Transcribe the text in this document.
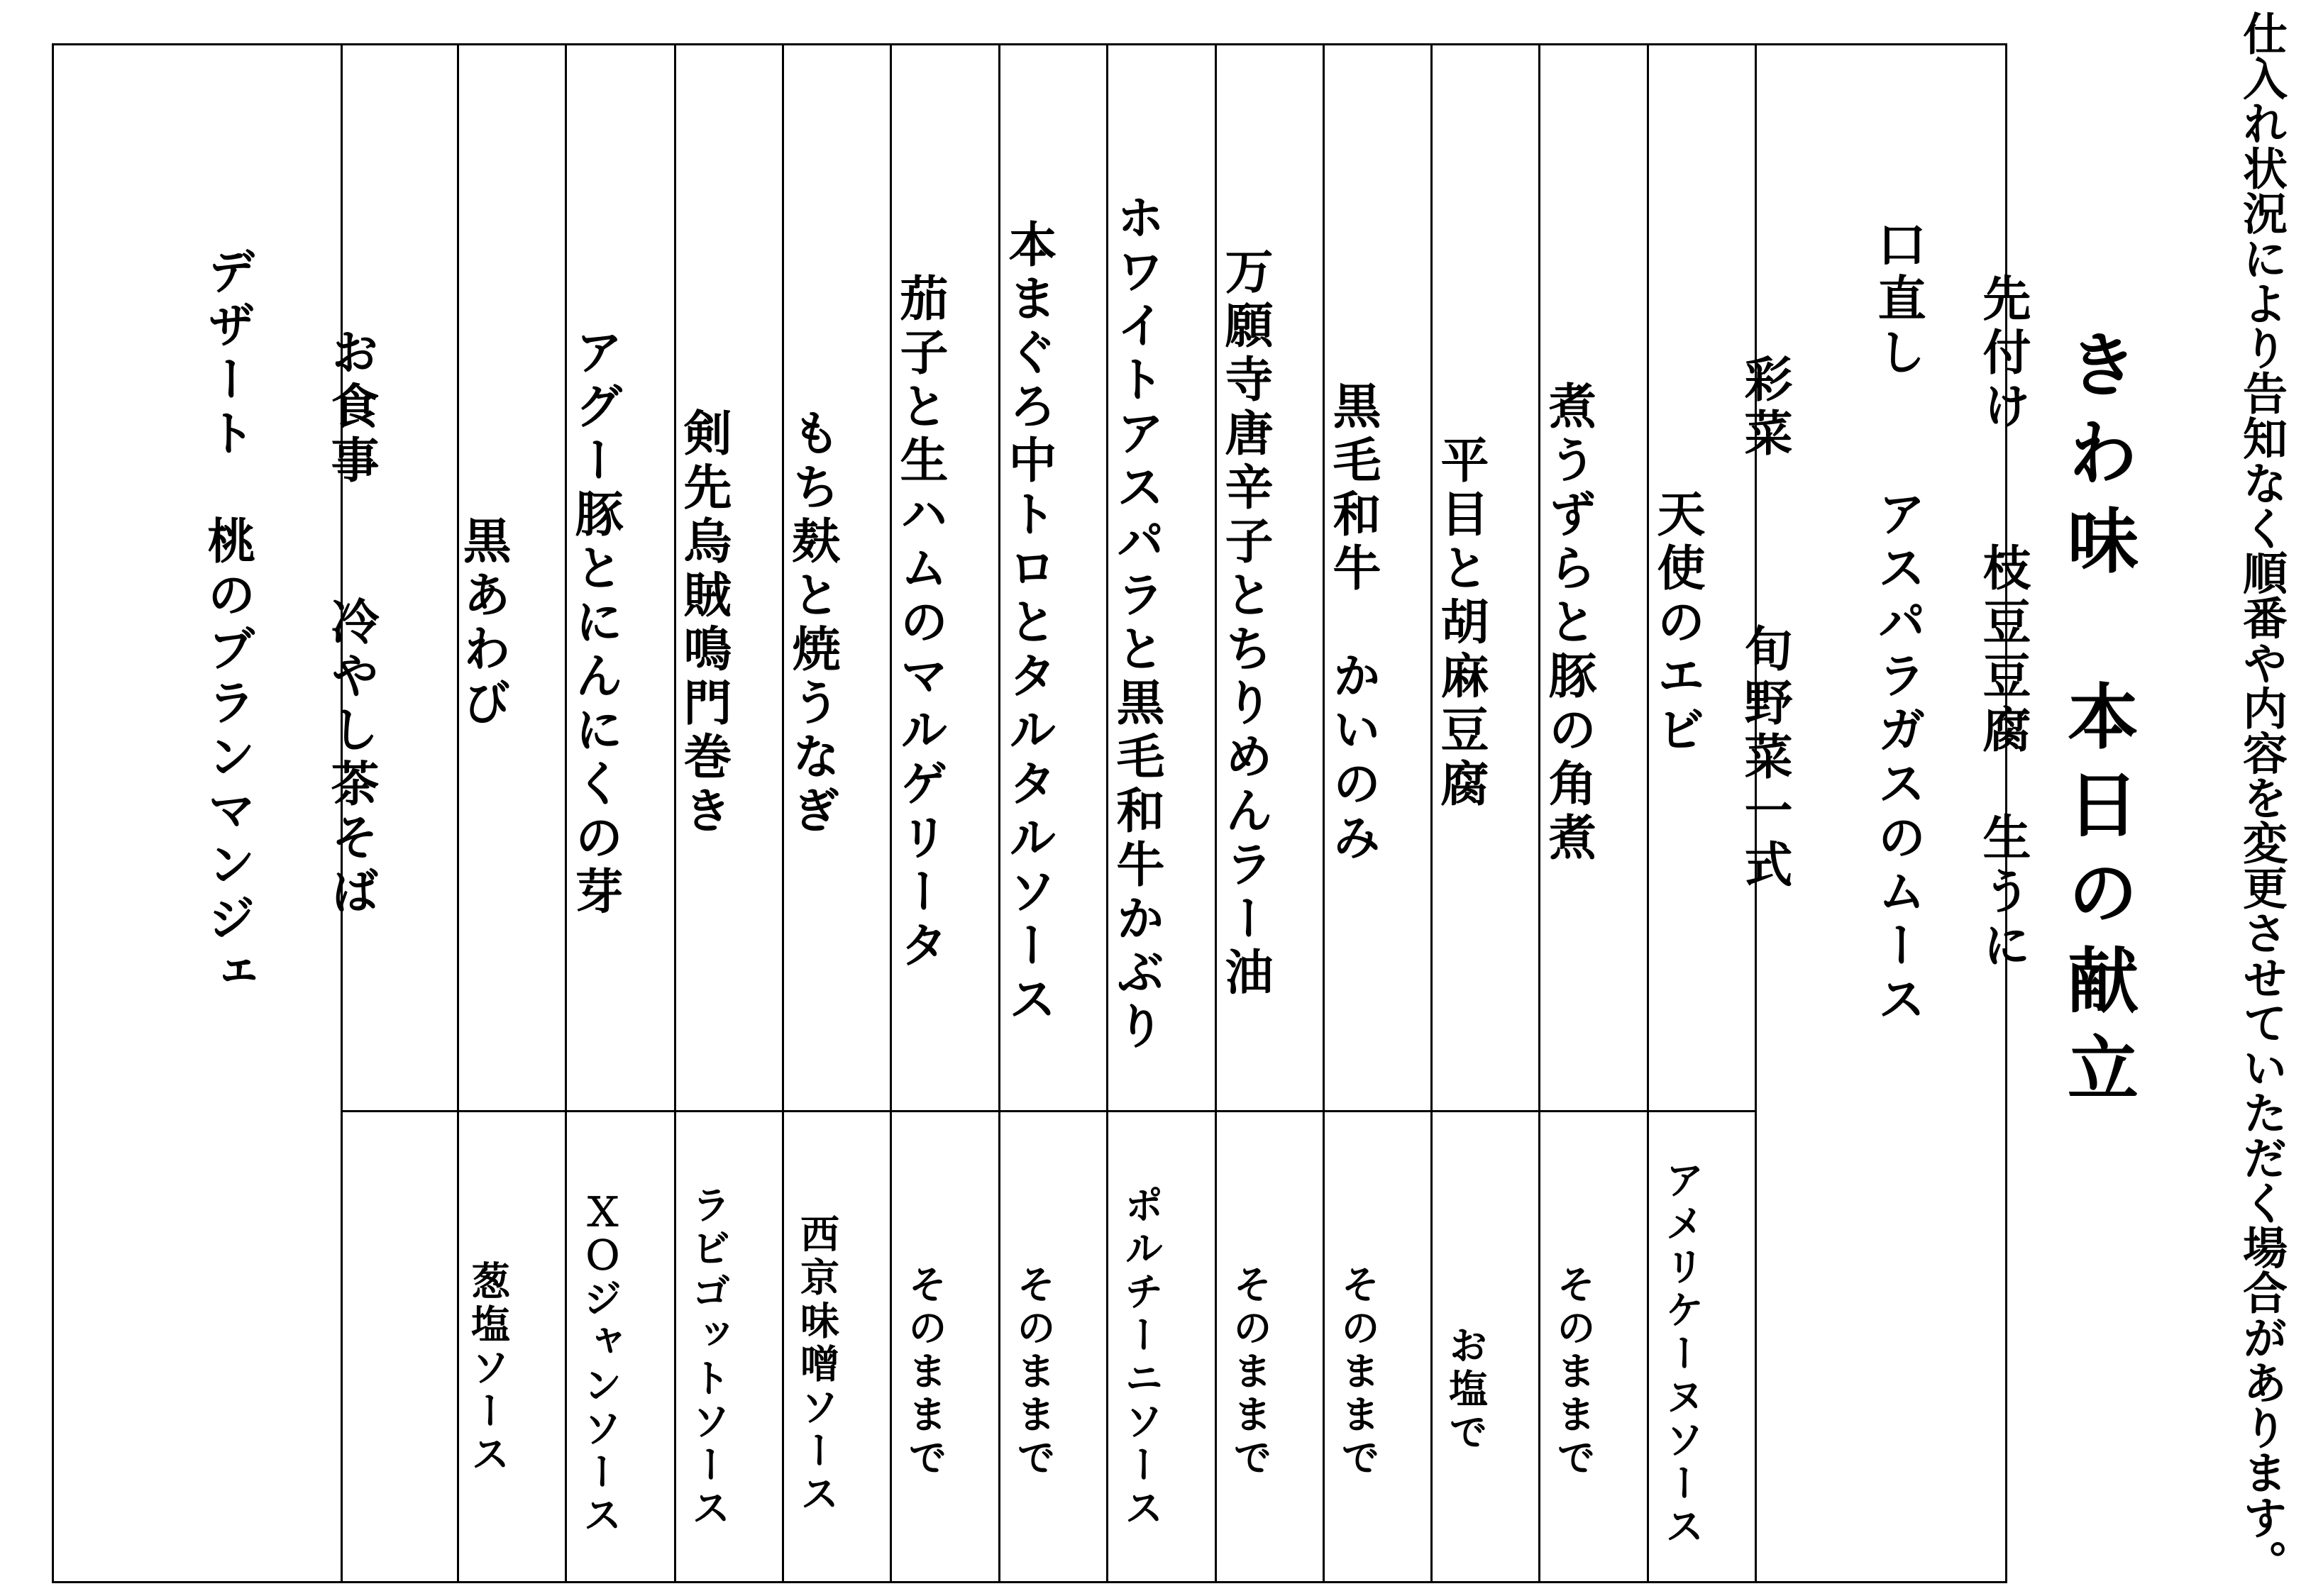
仕入れ状況により告知なく順番や内容を変更させていただく場合があります。
きわ味　本日の献立
先付け　　枝豆豆腐　生うに
口直し　　アスパラガスのムース
彩菜　　　旬野菜一式
天使のエビ
煮うずらと豚の角煮
平目と胡麻豆腐
黒毛和牛　かいのみ
万願寺唐辛子とちりめんラー油
ホワイトアスパラと黒毛和牛かぶり
本まぐろ中トロとタルタルソース
茄子と生ハムのマルゲリータ
もち麸と焼うなぎ
剣先烏賊鳴門巻き
アグー豚とにんにくの芽
黒あわび
お食事　　冷やし茶そば
デザート　桃のブランマンジェ
アメリケーヌソース
そのままで
お塩で
そのままで
そのままで
ポルチーニソース
そのままで
そのままで
西京味噌ソース
ラビゴットソース
ＸＯジャンソース
葱塩ソース
